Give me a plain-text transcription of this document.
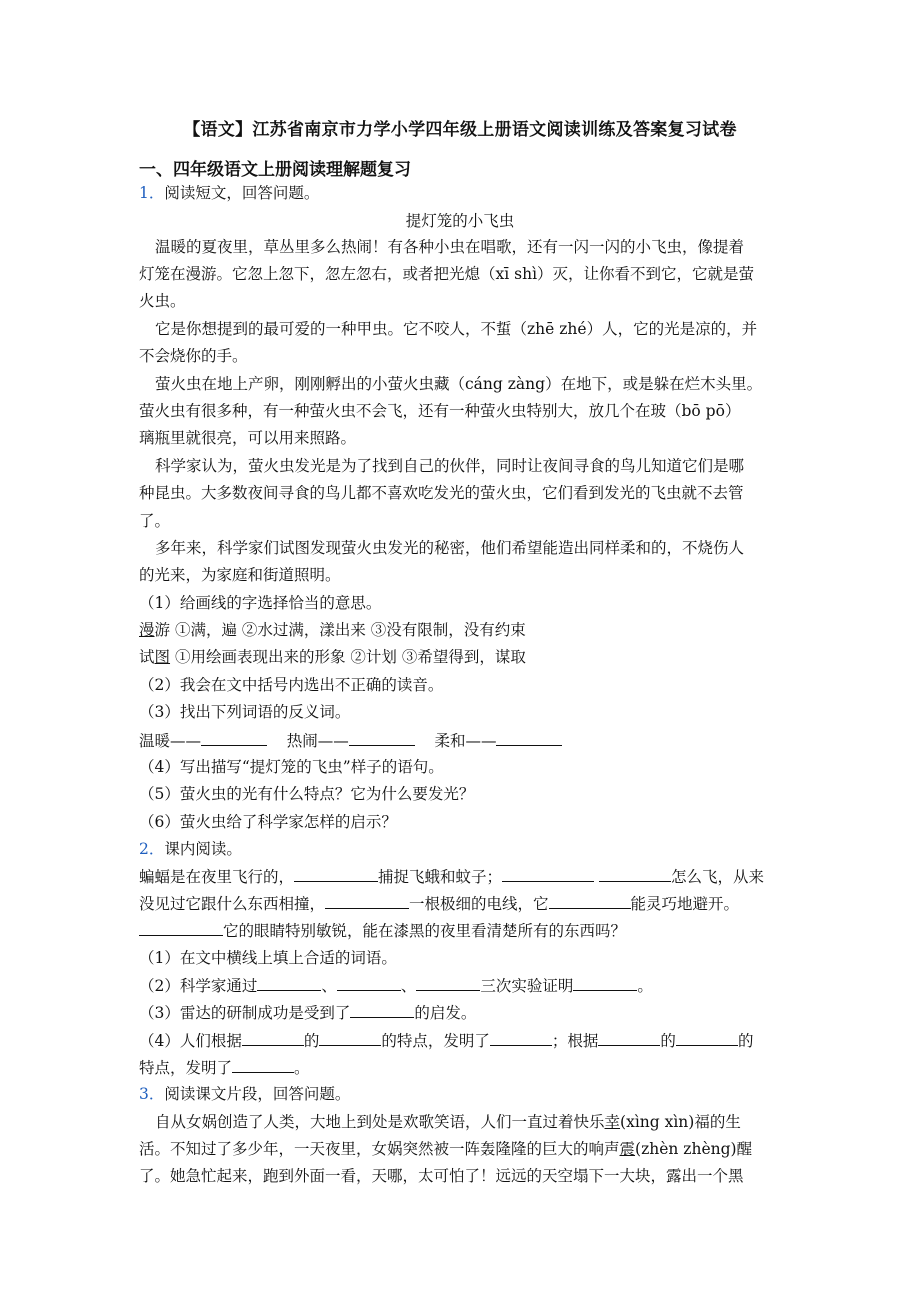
【语文】江苏省南京市力学小学四年级上册语文阅读训练及答案复习试卷
一、四年级语文上册阅读理解题复习
1．阅读短文，回答问题。
提灯笼的小飞虫
温暖的夏夜里，草丛里多么热闹！有各种小虫在唱歌，还有一闪一闪的小飞虫，像提着
灯笼在漫游。它忽上忽下，忽左忽右，或者把光熄（xī shì）灭，让你看不到它，它就是萤
火虫。
它是你想提到的最可爱的一种甲虫。它不咬人，不蜇（zhē zhé）人，它的光是凉的，并
不会烧你的手。
萤火虫在地上产卵，刚刚孵出的小萤火虫藏（cáng zàng）在地下，或是躲在烂木头里。
萤火虫有很多种，有一种萤火虫不会飞，还有一种萤火虫特别大，放几个在玻（bō pō）
璃瓶里就很亮，可以用来照路。
科学家认为，萤火虫发光是为了找到自己的伙伴，同时让夜间寻食的鸟儿知道它们是哪
种昆虫。大多数夜间寻食的鸟儿都不喜欢吃发光的萤火虫，它们看到发光的飞虫就不去管
了。
多年来，科学家们试图发现萤火虫发光的秘密，他们希望能造出同样柔和的，不烧伤人
的光来，为家庭和街道照明。
（1）给画线的字选择恰当的意思。
漫游 ①满，遍 ②水过满，漾出来 ③没有限制，没有约束
试图 ①用绘画表现出来的形象 ②计划 ③希望得到，谋取
（2）我会在文中括号内选出不正确的读音。
（3）找出下列词语的反义词。
温暖——	热闹——	柔和——
（4）写出描写“提灯笼的飞虫”样子的语句。
（5）萤火虫的光有什么特点？它为什么要发光？
（6）萤火虫给了科学家怎样的启示？
2．课内阅读。
蝙蝠是在夜里飞行的，	捕捉飞蛾和蚊子；	怎么飞，从来
没见过它跟什么东西相撞，	一根极细的电线，它	能灵巧地避开。
它的眼睛特别敏锐，能在漆黑的夜里看清楚所有的东西吗？
（1）在文中横线上填上合适的词语。
（2）科学家通过	、	、	三次实验证明	。
（3）雷达的研制成功是受到了	的启发。
（4）人们根据	的	的特点，发明了	；根据	的	的
特点，发明了	。
3．阅读课文片段，回答问题。
自从女娲创造了人类，大地上到处是欢歌笑语，人们一直过着快乐幸(xìng xìn)福的生
活。不知过了多少年，一天夜里，女娲突然被一阵轰隆隆的巨大的响声震(zhèn zhèng)醒
了。她急忙起来，跑到外面一看，天哪，太可怕了！远远的天空塌下一大块，露出一个黑
